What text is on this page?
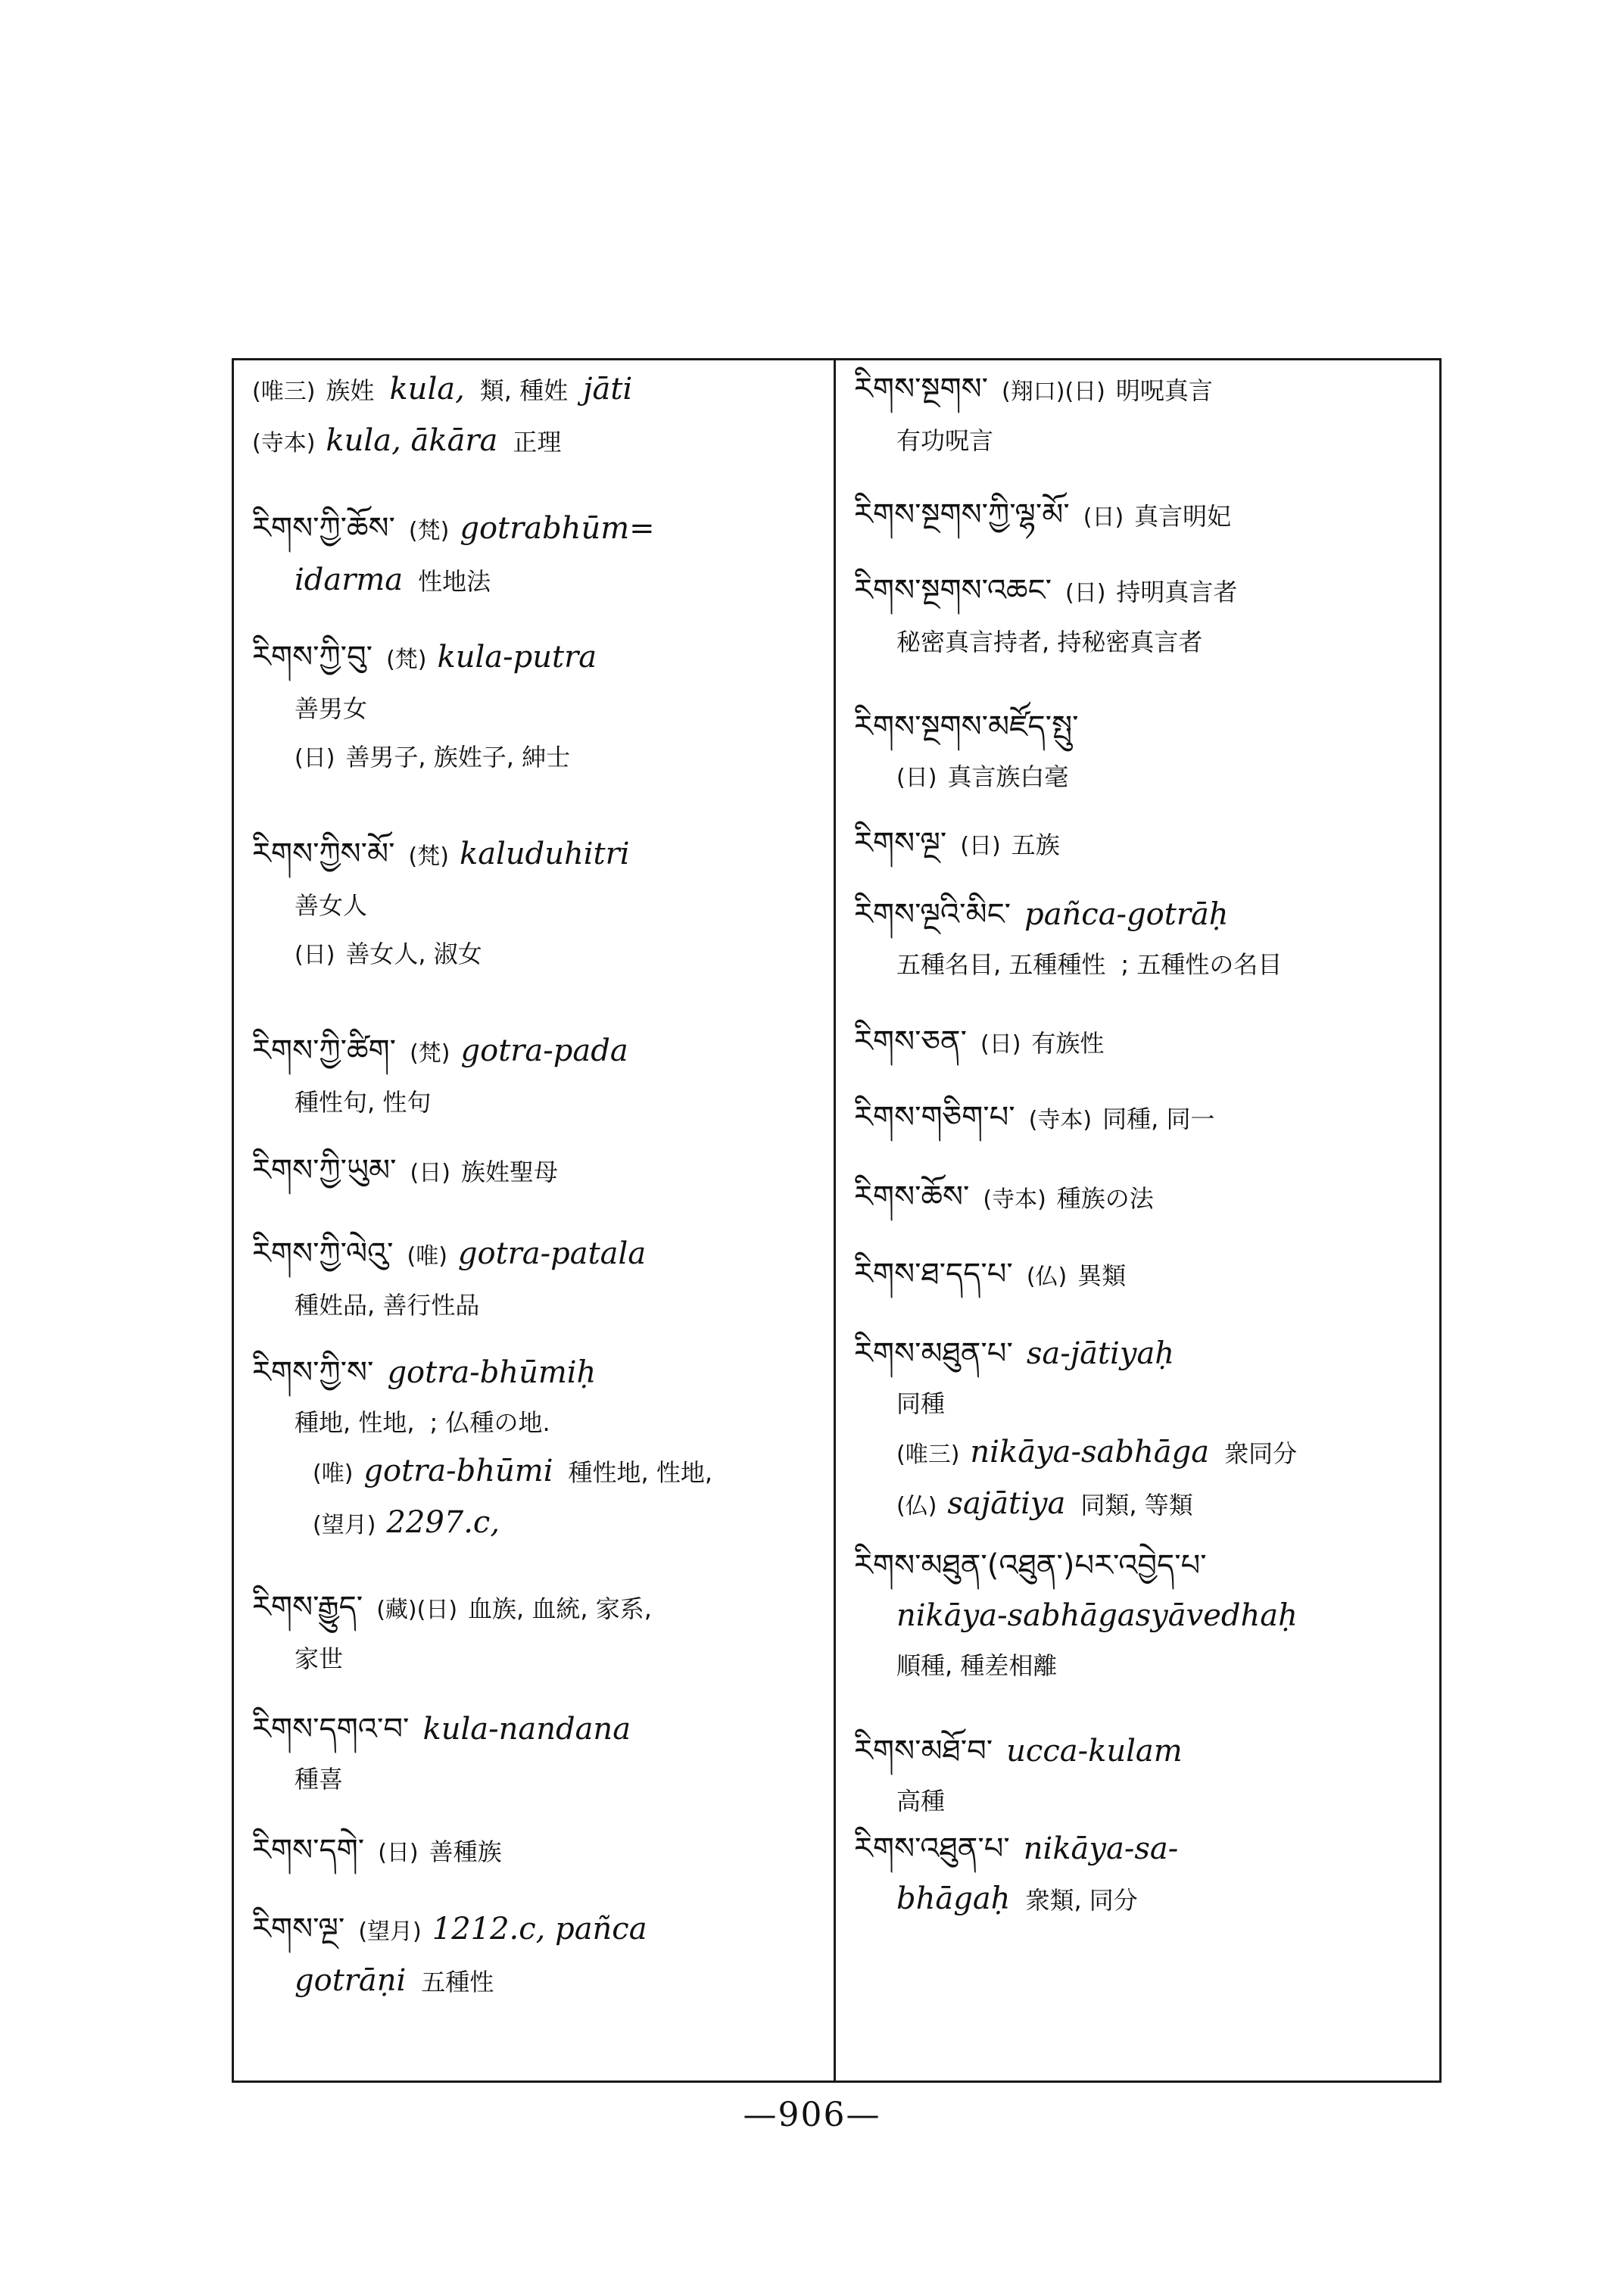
(唯三) 族姓 kula, 類, 種姓 jāti
(寺本) kula, ākāra 正理
རིགས་ཀྱི་ཆོས་ (梵) gotrabhūm=
idarma 性地法
རིགས་ཀྱི་བུ་ (梵) kula-putra
善男女
(日) 善男子, 族姓子, 紳士
རིགས་ཀྱིས་མོ་ (梵) kaluduhitri
善女人
(日) 善女人, 淑女
རིགས་ཀྱི་ཚིག་ (梵) gotra-pada
種性句, 性句
རིགས་ཀྱི་ཡུམ་ (日) 族姓聖母
རིགས་ཀྱི་ལེའུ་ (唯) gotra-patala
種姓品, 善行性品
རིགས་ཀྱི་ས་ gotra-bhūmiḥ
種地, 性地, ; 仏種の地.
(唯) gotra-bhūmi 種性地, 性地,
(望月) 2297.c,
རིགས་རྒྱུད་ (藏)(日) 血族, 血統, 家系,
家世
རིགས་དགའ་བ་ kula-nandana
種喜
རིགས་དགེ་ (日) 善種族
རིགས་ལྔ་ (望月) 1212.c, pañca
gotrāṇi 五種性
རིགས་སྔགས་ (翔口)(日) 明呪真言
有功呪言
རིགས་སྔགས་ཀྱི་ལྷ་མོ་ (日) 真言明妃
རིགས་སྔགས་འཆང་ (日) 持明真言者
秘密真言持者, 持秘密真言者
རིགས་སྔགས་མཛོད་སྤུ་
(日) 真言族白毫
རིགས་ལྔ་ (日) 五族
རིགས་ལྔའི་མིང་ pañca-gotrāḥ
五種名目, 五種種性 ; 五種性の名目
རིགས་ཅན་ (日) 有族性
རིགས་གཅིག་པ་ (寺本) 同種, 同一
རིགས་ཆོས་ (寺本) 種族の法
རིགས་ཐ་དད་པ་ (仏) 異類
རིགས་མཐུན་པ་ sa-jātiyaḥ
同種
(唯三) nikāya-sabhāga 衆同分
(仏) sajātiya 同類, 等類
རིགས་མཐུན་(འཐུན་)པར་འབྱེད་པ་
nikāya-sabhāgasyāvedhaḥ
順種, 種差相離
རིགས་མཐོ་བ་ ucca-kulam
高種
རིགས་འཐུན་པ་ nikāya-sa-
bhāgaḥ 衆類, 同分
—906—
